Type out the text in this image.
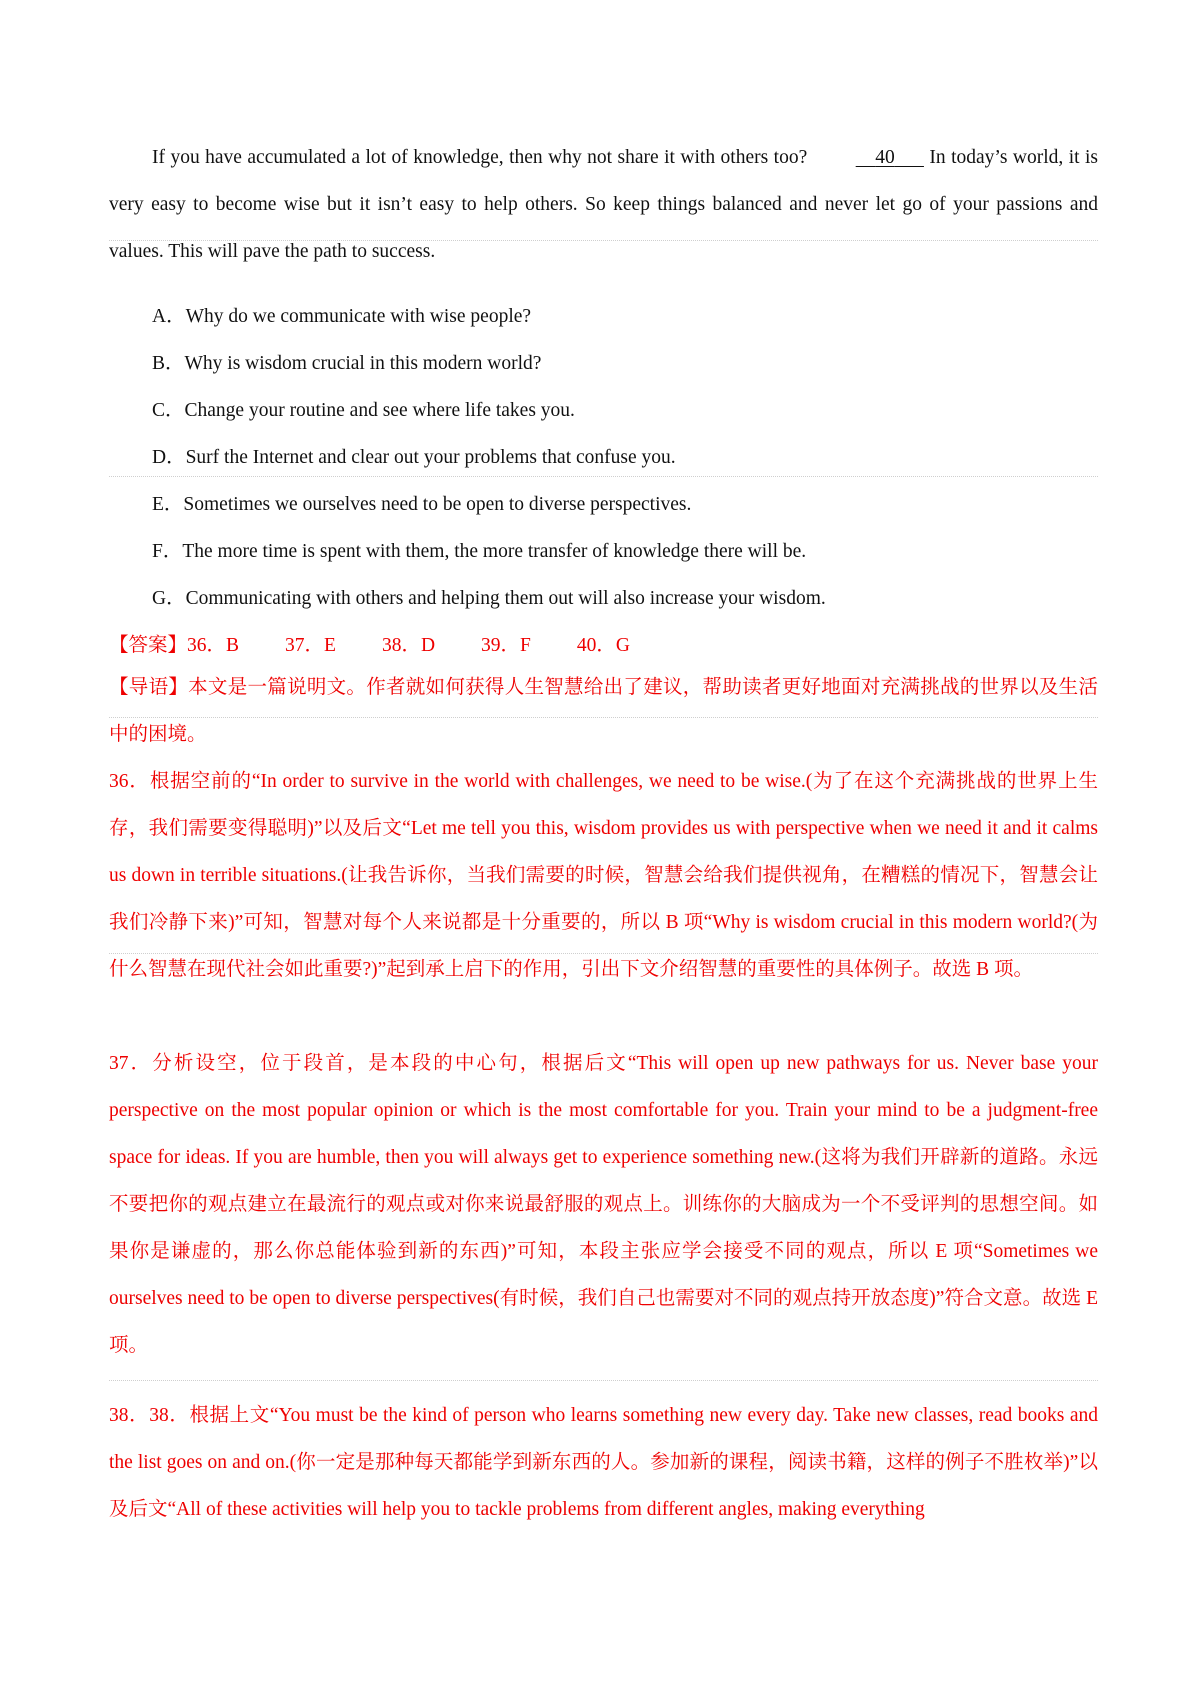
If you have accumulated a lot of knowledge, then why not share it with others too?	40       In today’s world, it is very easy to become wise but it isn’t easy to help others. So keep things balanced and never let go of your passions and values. This will pave the path to success.

A．Why do we communicate with wise people?
B．Why is wisdom crucial in this modern world?
C．Change your routine and see where life takes you.
D．Surf the Internet and clear out your problems that confuse you.
E．Sometimes we ourselves need to be open to diverse perspectives.
F．The more time is spent with them, the more transfer of knowledge there will be.
G．Communicating with others and helping them out will also increase your wisdom.
【答案】36．B 37．E 38．D 39．F 40．G

【导语】本文是一篇说明文。作者就如何获得人生智慧给出了建议，帮助读者更好地面对充满挑战的世界以及生活中的困境。

36．根据空前的“In order to survive in the world with challenges, we need to be wise.(为了在这个充满挑战的世界上生存，我们需要变得聪明)”以及后文“Let me tell you this, wisdom provides us with perspective when we need it and it calms us down in terrible situations.(让我告诉你，当我们需要的时候，智慧会给我们提供视角，在糟糕的情况下，智慧会让我们冷静下来)”可知，智慧对每个人来说都是十分重要的，所以 B 项“Why is wisdom crucial in this modern world?(为什么智慧在现代社会如此重要?)”起到承上启下的作用，引出下文介绍智慧的重要性的具体例子。故选 B 项。

37．分析设空，位于段首，是本段的中心句，根据后文“This will open up new pathways for us. Never base your perspective on the most popular opinion or which is the most comfortable for you. Train your mind to be a judgment-free space for ideas. If you are humble, then you will always get to experience something new.(这将为我们开辟新的道路。永远不要把你的观点建立在最流行的观点或对你来说最舒服的观点上。训练你的大脑成为一个不受评判的思想空间。如果你是谦虚的，那么你总能体验到新的东西)”可知，本段主张应学会接受不同的观点，所以 E 项“Sometimes we ourselves need to be open to diverse perspectives(有时候，我们自己也需要对不同的观点持开放态度)”符合文意。故选 E 项。

38．38．根据上文“You must be the kind of person who learns something new every day. Take new classes, read books and the list goes on and on.(你一定是那种每天都能学到新东西的人。参加新的课程，阅读书籍，这样的例子不胜枚举)”以及后文“All of these activities will help you to tackle problems from different angles, making everything
